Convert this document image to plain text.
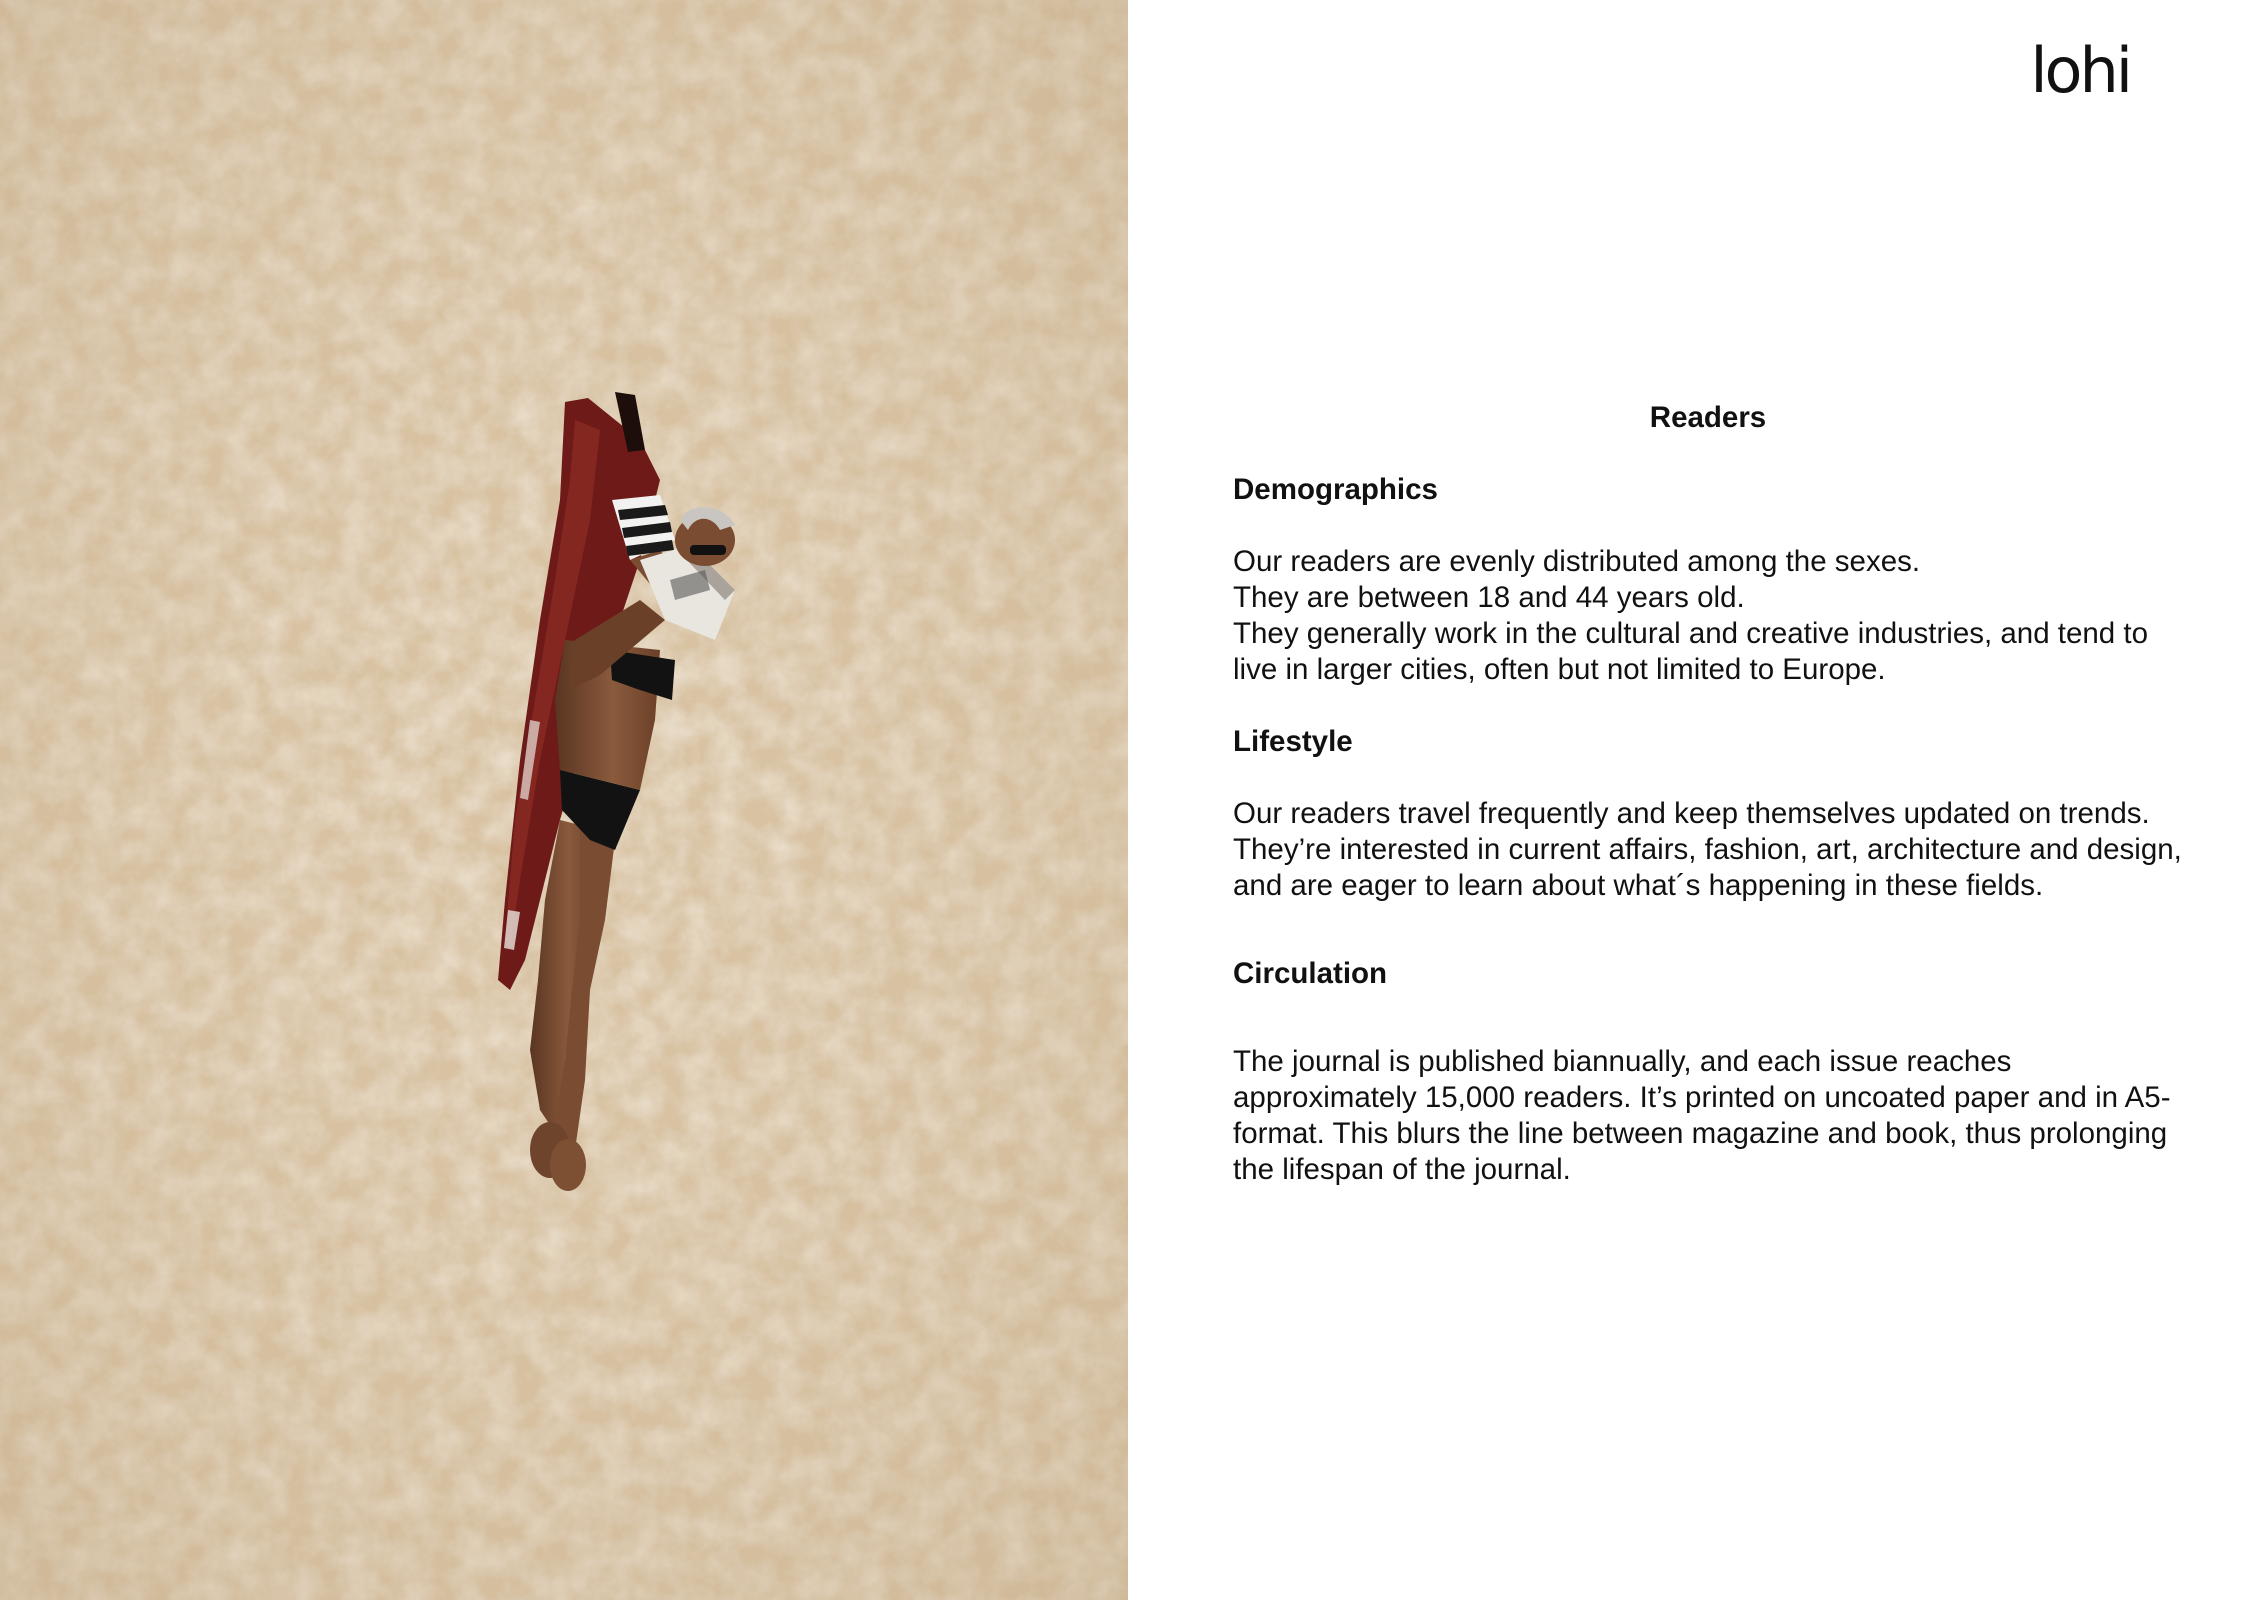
lohi
Readers
Demographics

Our readers are evenly distributed among the sexes.

They are between 18 and 44 years old.

They generally work in the cultural and creative industries, and tend to live in larger cities, often but not limited to Europe.

Lifestyle

Our readers travel frequently and keep themselves updated on trends. They’re interested in current affairs, fashion, art, architecture and design, and are eager to learn about what´s happening in these fields.

Circulation

The journal is published biannually, and each issue reaches approximately 15,000 readers. It’s printed on uncoated paper and in A5-format. This blurs the line between magazine and book, thus prolonging the lifespan of the journal.
